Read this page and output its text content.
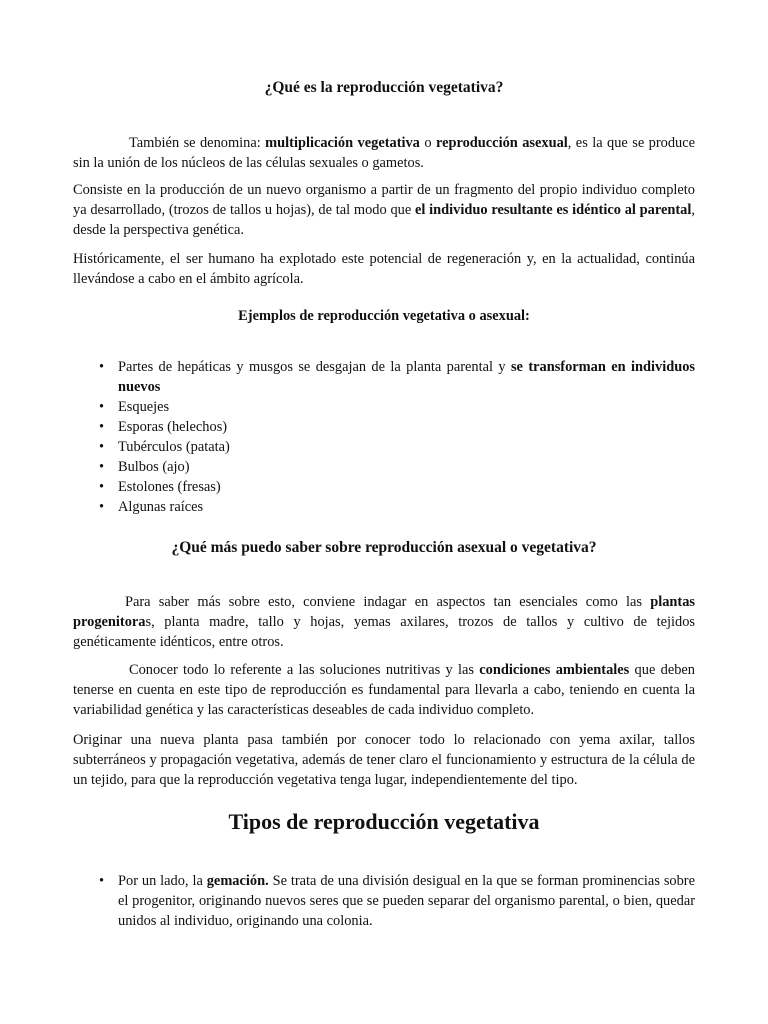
¿Qué es la reproducción vegetativa?

También se denomina: multiplicación vegetativa o reproducción asexual, es la que se produce sin la unión de los núcleos de las células sexuales o gametos.

Consiste en la producción de un nuevo organismo a partir de un fragmento del propio individuo completo ya desarrollado, (trozos de tallos u hojas), de tal modo que el individuo resultante es idéntico al parental, desde la perspectiva genética.

Históricamente, el ser humano ha explotado este potencial de regeneración y, en la actualidad, continúa llevándose a cabo en el ámbito agrícola.

Ejemplos de reproducción vegetativa o asexual:
• Partes de hepáticas y musgos se desgajan de la planta parental y se transforman en individuos nuevos
• Esquejes
• Esporas (helechos)
• Tubérculos (patata)
• Bulbos (ajo)
• Estolones (fresas)
• Algunas raíces
¿Qué más puedo saber sobre reproducción asexual o vegetativa?

Para saber más sobre esto, conviene indagar en aspectos tan esenciales como las plantas progenitoras, planta madre, tallo y hojas, yemas axilares, trozos de tallos y cultivo de tejidos genéticamente idénticos, entre otros.

Conocer todo lo referente a las soluciones nutritivas y las condiciones ambientales que deben tenerse en cuenta en este tipo de reproducción es fundamental para llevarla a cabo, teniendo en cuenta la variabilidad genética y las características deseables de cada individuo completo.

Originar una nueva planta pasa también por conocer todo lo relacionado con yema axilar, tallos subterráneos y propagación vegetativa, además de tener claro el funcionamiento y estructura de la célula de un tejido, para que la reproducción vegetativa tenga lugar, independientemente del tipo.

Tipos de reproducción vegetativa
• Por un lado, la gemación. Se trata de una división desigual en la que se forman prominencias sobre el progenitor, originando nuevos seres que se pueden separar del organismo parental, o bien, quedar unidos al individuo, originando una colonia.
